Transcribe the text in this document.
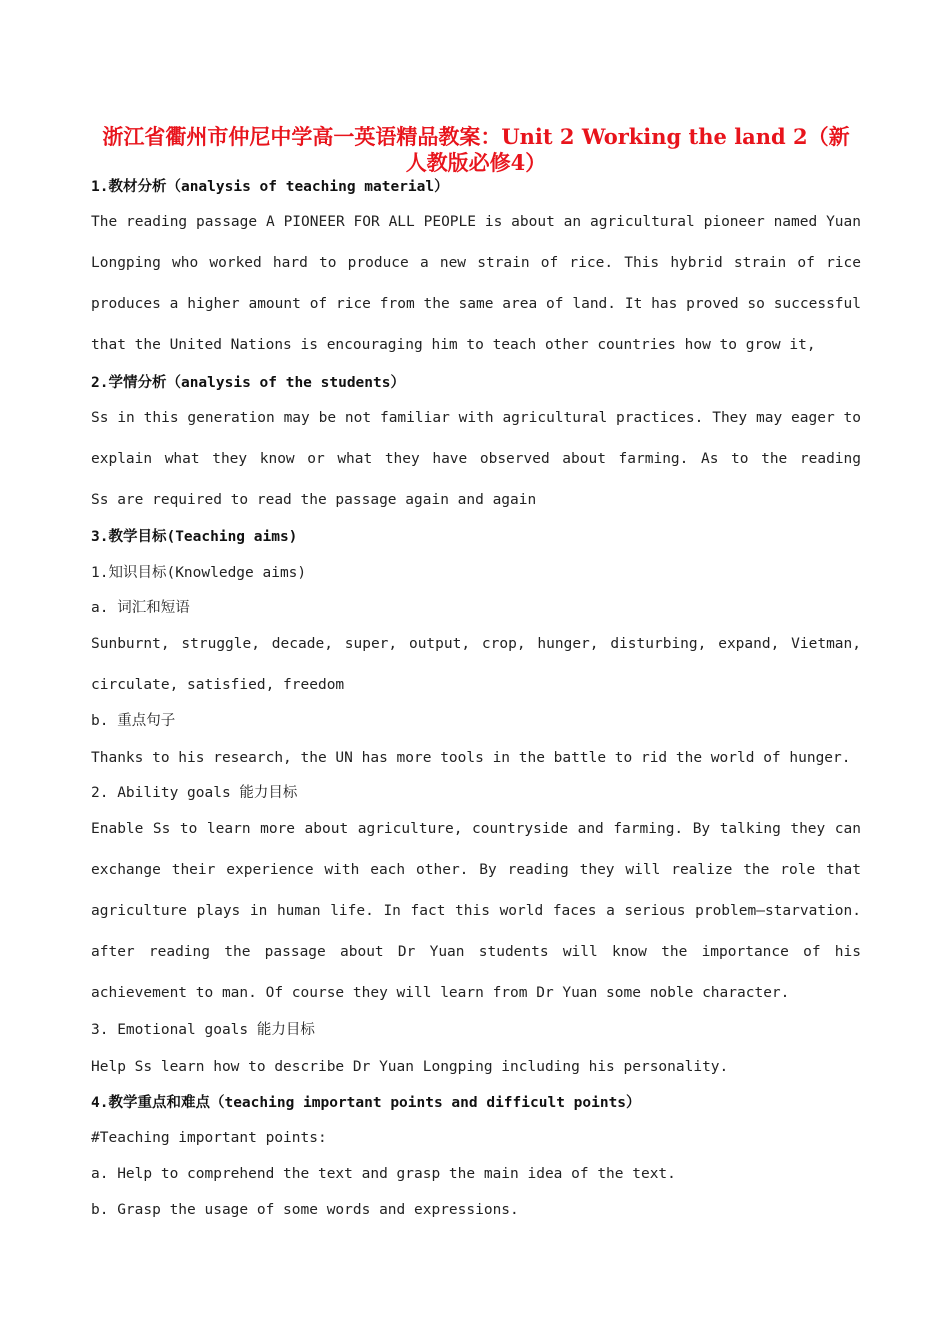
浙江省衢州市仲尼中学高一英语精品教案：Unit 2 Working the land 2（新
人教版必修4）
1.教材分析（analysis of teaching material）

The reading passage A PIONEER FOR ALL PEOPLE is about an agricultural pioneer named Yuan

Longping who worked hard to produce a new strain of rice. This hybrid strain of rice

produces a higher amount of rice from the same area of land. It has proved so successful

that the United Nations is encouraging him to teach other countries how to grow it,

2.学情分析（analysis of the students）

Ss in this generation may be not familiar with agricultural practices. They may eager to

explain what they know or what they have observed about farming. As to the reading

Ss are required to read the passage again and again

3.教学目标(Teaching aims)
1.知识目标(Knowledge aims)
a. 词汇和短语

Sunburnt, struggle, decade, super, output, crop, hunger, disturbing, expand, Vietman,

circulate, satisfied, freedom

b. 重点句子
Thanks to his research, the UN has more tools in the battle to rid the world of hunger.
2. Ability goals 能力目标

Enable Ss to learn more about agriculture, countryside and farming. By talking they can

exchange their experience with each other. By reading they will realize the role that

agriculture plays in human life. In fact this world faces a serious problem—starvation.

after reading the passage about Dr Yuan students will know the importance of his

achievement to man. Of course they will learn from Dr Yuan some noble character.

3. Emotional goals 能力目标
Help Ss learn how to describe Dr Yuan Longping including his personality.
4.教学重点和难点（teaching important points and difficult points）
#Teaching important points:
a. Help to comprehend the text and grasp the main idea of the text.
b. Grasp the usage of some words and expressions.
